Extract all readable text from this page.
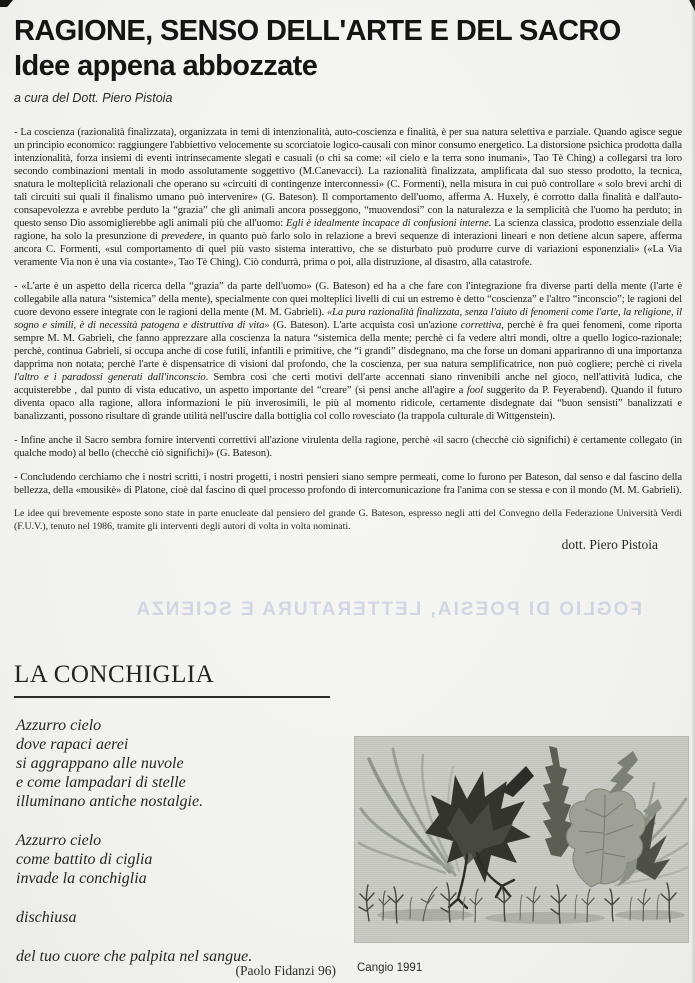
RAGIONE, SENSO DELL'ARTE E DEL SACRO
Idee appena abbozzate
a cura del Dott. Piero Pistoia

- La coscienza (razionalità finalizzata), organizzata in temi di intenzionalità, auto-coscienza e finalità, è per sua natura selettiva e parziale. Quando agisce segue un principio economico: raggiungere l'abbiettivo velocemente su scorciatoie logico-causali con minor consumo energetico. La distorsione psichica prodotta dalla intenzionalità, forza insiemi di eventi intrinsecamente slegati e casuali (o chi sa come: «il cielo e la terra sono inumani», Tao Tè Ching) a collegarsi tra loro secondo combinazioni mentali in modo assolutamente soggettivo (M.Canevacci). La razionalità finalizzata, amplificata dal suo stesso prodotto, la tecnica, snatura le molteplicità relazionali che operano su «circuiti di contingenze interconnessi» (C. Formenti), nella misura in cui può controllare « solo brevi archi di tali circuiti sui quali il finalismo umano può intervenire» (G. Bateson). Il comportamento dell'uomo, afferma A. Huxely, è corrotto dalla finalità e dall'auto-consapevolezza e avrebbe perduto la “grazia” che gli animali ancora posseggono, “muovendosi” con la naturalezza e la semplicità che l'uomo ha perduto; in questo senso Dio assomiglierebbe agli animali più che all'uomo: Egli è idealmente incapace di confusioni interne. La scienza classica, prodotto essenziale della ragione, ha solo la presunzione di prevedere, in quanto può farlo solo in relazione a brevi sequenze di interazioni lineari e non detiene alcun sapere, afferma ancora C. Formenti, «sul comportamento di quel più vasto sistema interattivo, che se disturbato può produrre curve di variazioni esponenziali» («La Via veramente Via non è una via costante», Tao Tè Ching). Ciò condurrà, prima o poi, alla distruzione, al disastro, alla catastrofe.

- «L'arte è un aspetto della ricerca della “grazia” da parte dell'uomo» (G. Bateson) ed ha a che fare con l'integrazione fra diverse parti della mente (l'arte è collegabile alla natura “sistemica” della mente), specialmente con quei molteplici livelli di cui un estremo è detto “coscienza” e l'altro “inconscio”; le ragioni del cuore devono essere integrate con le ragioni della mente (M. M. Gabrieli). «La pura razionalità finalizzata, senza l'aiuto di fenomeni come l'arte, la religione, il sogno e simili, è di necessità patogena e distruttiva di vita» (G. Bateson). L'arte acquista così un'azione correttiva, perchè è fra quei fenomeni, come riporta sempre M. M. Gabrieli, che fanno apprezzare alla coscienza la natura “sistemica della mente; perchè ci fa vedere altri mondi, oltre a quello logico-razionale; perchè, continua Gabrieli, si occupa anche di cose futili, infantili e primitive, che “i grandi” disdegnano, ma che forse un domani appariranno di una importanza dapprima non notata; perchè l'arte è dispensatrice di visioni dal profondo, che la coscienza, per sua natura semplificatrice, non può cogliere; perchè ci rivela l'altro e i paradossi generati dall'inconscio. Sembra così che certi motivi dell'arte accennati siano rinvenibili anche nel gioco, nell'attività ludica, che acquisterebbe , dal punto di vista educativo, un aspetto importante del “creare” (si pensi anche all'agire a fool suggerito da P. Feyerabend). Quando il futuro diventa opaco alla ragione, allora informazioni le più inverosimili, le più al momento ridicole, certamente disdegnate dai “buon sensisti” banalizzati e banalizzanti, possono risultare di grande utilità nell'uscire dalla bottiglia col collo rovesciato (la trappola culturale di Wittgenstein).

- Infine anche il Sacro sembra fornire interventi correttivi all'azione virulenta della ragione, perchè «il sacro (checchè ciò significhi) è certamente collegato (in qualche modo) al bello (checchè ciò significhi)» (G. Bateson).

- Concludendo cerchiamo che i nostri scritti, i nostri progetti, i nostri pensieri siano sempre permeati, come lo furono per Bateson, dal senso e dal fascino della bellezza, della «mousikè» di Platone, cioè dal fascino di quel processo profondo di intercomunicazione fra l'anima con se stessa e con il mondo (M. M. Gabrieli).

Le idee qui brevemente esposte sono state in parte enucleate dal pensiero del grande G. Bateson, espresso negli atti del Convegno della Federazione Università Verdi (F.U.V.), tenuto nel 1986, tramite gli interventi degli autori di volta in volta nominati.

dott. Piero Pistoia
FOGLIO DI POESIA, LETTERATURA E SCIENZA
LA CONCHIGLIA
Azzurro cielo
dove rapaci aerei
si aggrappano alle nuvole
e come lampadari di stelle
illuminano antiche nostalgie.
Azzurro cielo
come battito di ciglia
invade la conchiglia
dischiusa
del tuo cuore che palpita nel sangue.
(Paolo Fidanzi 96) Cangio 1991
